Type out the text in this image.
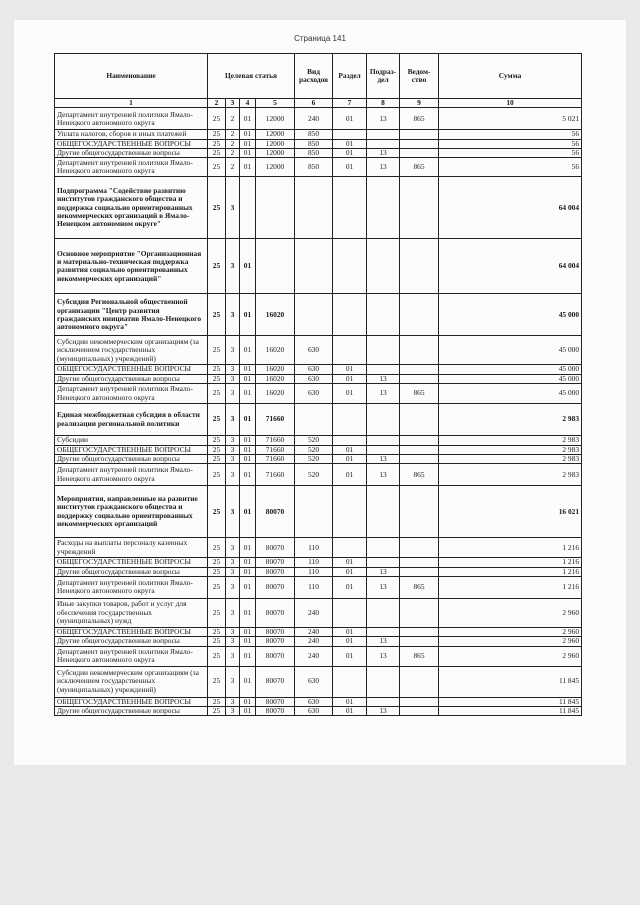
Страница 141
Наименование	Целевая статья				Вид расходов	Раздел	Подраз-дел	Ведом-ство	Сумма
1	2	3	4	5	6	7	8	9	10
Департамент внутренней политики Ямало-Ненецкого автономного округа	25	2	01	12000	240	01	13	865	5 021
Уплата налогов, сборов и иных платежей	25	2	01	12000	850				56
ОБЩЕГОСУДАРСТВЕННЫЕ ВОПРОСЫ	25	2	01	12000	850	01			56
Другие общегосударственные вопросы	25	2	01	12000	850	01	13		56
Департамент внутренней политики Ямало-Ненецкого автономного округа	25	2	01	12000	850	01	13	865	56
Подпрограмма "Содействие развитию институтов гражданского общества и поддержка социально ориентированных некоммерческих организаций в Ямало-Ненецком автономном округе"	25	3							64 004
Основное мероприятие "Организационная и материально-техническая поддержка развития социально ориентированных некоммерческих организаций"	25	3	01						64 004
Субсидия Региональной общественной организации "Центр развития гражданских инициатив Ямало-Ненецкого автономного округа"	25	3	01	16020					45 000
Субсидии некоммерческим организациям (за исключением государственных (муниципальных) учреждений)	25	3	01	16020	630				45 000
ОБЩЕГОСУДАРСТВЕННЫЕ ВОПРОСЫ	25	3	01	16020	630	01			45 000
Другие общегосударственные вопросы	25	3	01	16020	630	01	13		45 000
Департамент внутренней политики Ямало-Ненецкого автономного округа	25	3	01	16020	630	01	13	865	45 000
Единая межбюджетная субсидия в области реализации региональной политики	25	3	01	71660					2 983
Субсидии	25	3	01	71660	520				2 983
ОБЩЕГОСУДАРСТВЕННЫЕ ВОПРОСЫ	25	3	01	71660	520	01			2 983
Другие общегосударственные вопросы	25	3	01	71660	520	01	13		2 983
Департамент внутренней политики Ямало-Ненецкого автономного округа	25	3	01	71660	520	01	13	865	2 983
Мероприятия, направленные на развитие институтов гражданского общества и поддержку социально ориентированных некоммерческих организаций	25	3	01	80070					16 021
Расходы на выплаты персоналу казенных учреждений	25	3	01	80070	110				1 216
ОБЩЕГОСУДАРСТВЕННЫЕ ВОПРОСЫ	25	3	01	80070	110	01			1 216
Другие общегосударственные вопросы	25	3	01	80070	110	01	13		1 216
Департамент внутренней политики Ямало-Ненецкого автономного округа	25	3	01	80070	110	01	13	865	1 216
Иные закупки товаров, работ и услуг для обеспечения государственных (муниципальных) нужд	25	3	01	80070	240				2 960
ОБЩЕГОСУДАРСТВЕННЫЕ ВОПРОСЫ	25	3	01	80070	240	01			2 960
Другие общегосударственные вопросы	25	3	01	80070	240	01	13		2 960
Департамент внутренней политики Ямало-Ненецкого автономного округа	25	3	01	80070	240	01	13	865	2 960
Субсидии некоммерческим организациям (за исключением государственных (муниципальных) учреждений)	25	3	01	80070	630				11 845
ОБЩЕГОСУДАРСТВЕННЫЕ ВОПРОСЫ	25	3	01	80070	630	01			11 845
Другие общегосударственные вопросы	25	3	01	80070	630	01	13		11 845
